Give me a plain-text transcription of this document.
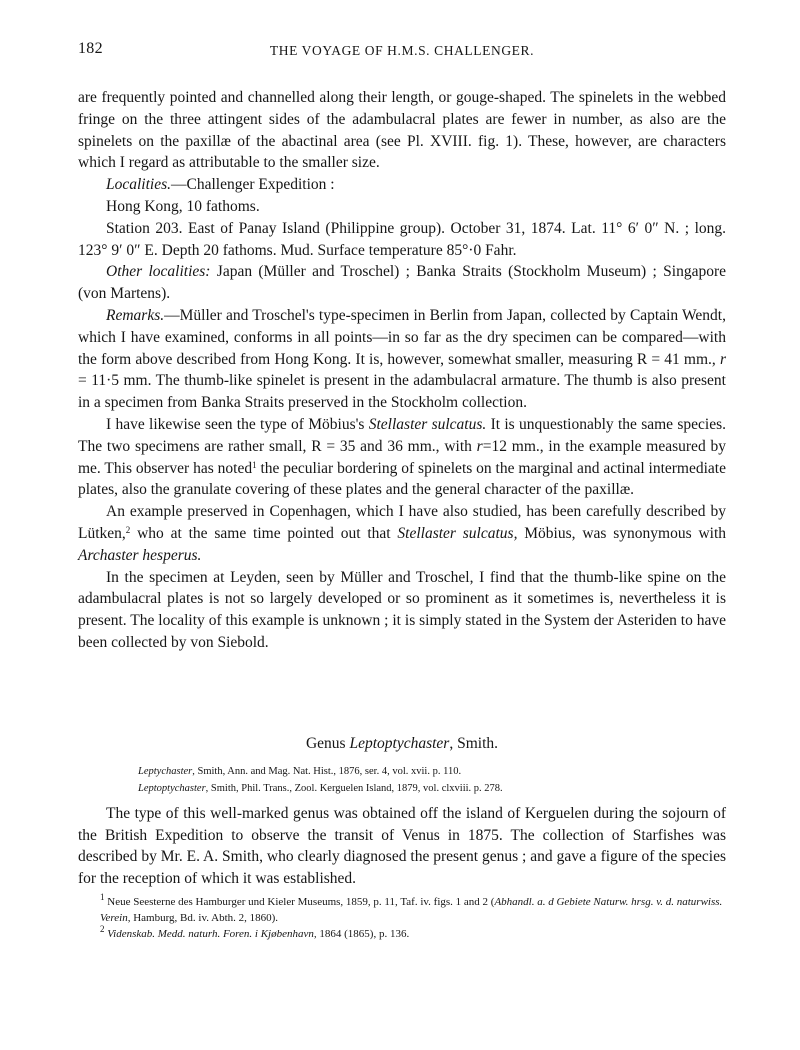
182	THE VOYAGE OF H.M.S. CHALLENGER.

are frequently pointed and channelled along their length, or gouge-shaped. The spinelets in the webbed fringe on the three attingent sides of the adambulacral plates are fewer in number, as also are the spinelets on the paxillæ of the abactinal area (see Pl. XVIII. fig. 1). These, however, are characters which I regard as attributable to the smaller size.

Localities.—Challenger Expedition :

Hong Kong, 10 fathoms.

Station 203. East of Panay Island (Philippine group). October 31, 1874. Lat. 11° 6′ 0″ N. ; long. 123° 9′ 0″ E. Depth 20 fathoms. Mud. Surface temperature 85°·0 Fahr.

Other localities: Japan (Müller and Troschel) ; Banka Straits (Stockholm Museum) ; Singapore (von Martens).

Remarks.—Müller and Troschel's type-specimen in Berlin from Japan, collected by Captain Wendt, which I have examined, conforms in all points—in so far as the dry specimen can be compared—with the form above described from Hong Kong. It is, however, somewhat smaller, measuring R = 41 mm., r = 11·5 mm. The thumb-like spinelet is present in the adambulacral armature. The thumb is also present in a specimen from Banka Straits preserved in the Stockholm collection.

I have likewise seen the type of Möbius's Stellaster sulcatus. It is unquestionably the same species. The two specimens are rather small, R = 35 and 36 mm., with r=12 mm., in the example measured by me. This observer has noted$^1$ the peculiar bordering of spinelets on the marginal and actinal intermediate plates, also the granulate covering of these plates and the general character of the paxillæ.

An example preserved in Copenhagen, which I have also studied, has been carefully described by Lütken,$^2$ who at the same time pointed out that Stellaster sulcatus, Möbius, was synonymous with Archaster hesperus.

In the specimen at Leyden, seen by Müller and Troschel, I find that the thumb-like spine on the adambulacral plates is not so largely developed or so prominent as it sometimes is, nevertheless it is present. The locality of this example is unknown ; it is simply stated in the System der Asteriden to have been collected by von Siebold.

Genus Leptoptychaster, Smith.

Leptychaster, Smith, Ann. and Mag. Nat. Hist., 1876, ser. 4, vol. xvii. p. 110.

Leptoptychaster, Smith, Phil. Trans., Zool. Kerguelen Island, 1879, vol. clxviii. p. 278.

The type of this well-marked genus was obtained off the island of Kerguelen during the sojourn of the British Expedition to observe the transit of Venus in 1875. The collection of Starfishes was described by Mr. E. A. Smith, who clearly diagnosed the present genus ; and gave a figure of the species for the reception of which it was established.

$^1$ Neue Seesterne des Hamburger und Kieler Museums, 1859, p. 11, Taf. iv. figs. 1 and 2 (Abhandl. a. d Gebiete Naturw. hrsg. v. d. naturwiss. Verein, Hamburg, Bd. iv. Abth. 2, 1860).

$^2$ Videnskab. Medd. naturh. Foren. i Kjøbenhavn, 1864 (1865), p. 136.
